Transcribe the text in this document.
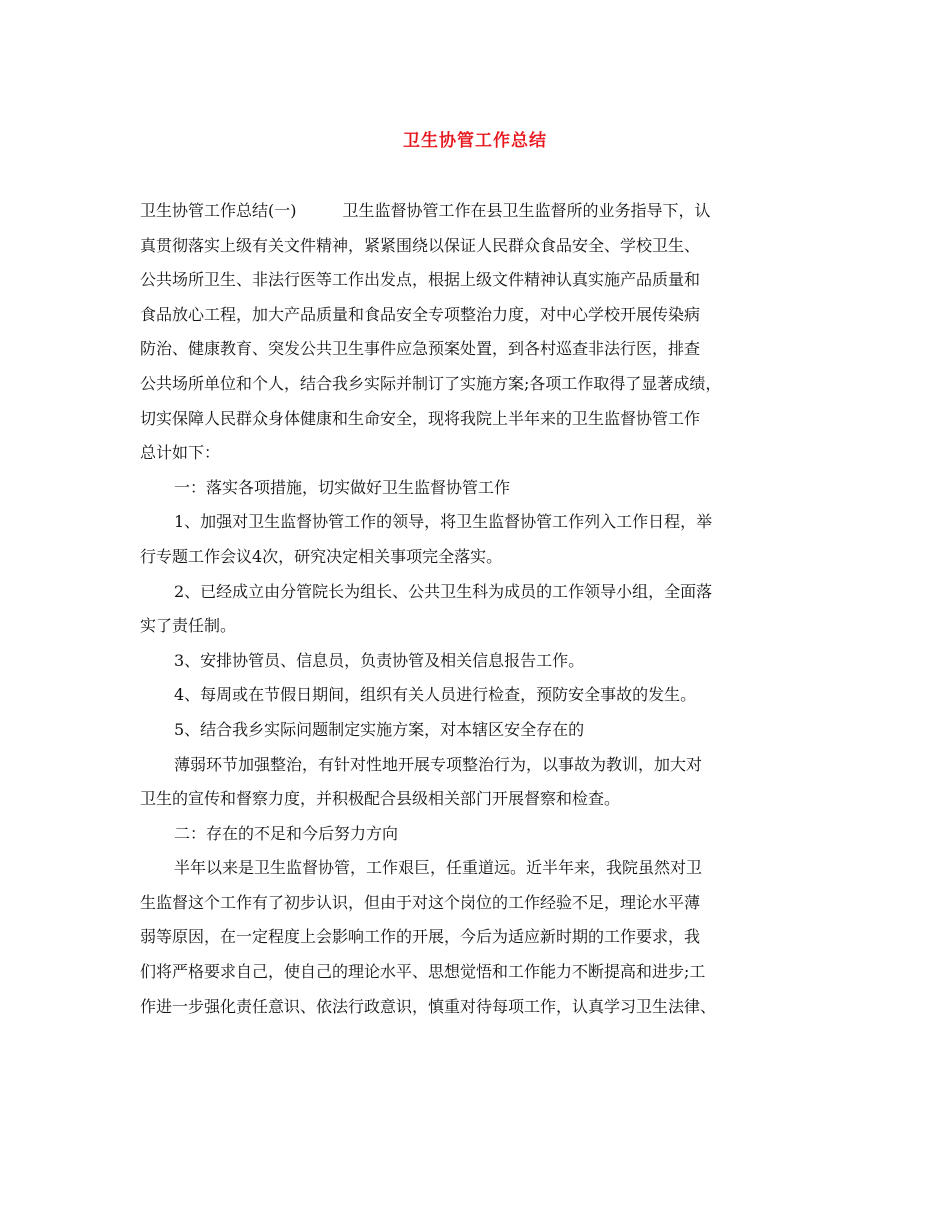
卫生协管工作总结
卫生协管工作总结(一)	卫生监督协管工作在县卫生监督所的业务指导下，认
真贯彻落实上级有关文件精神，紧紧围绕以保证人民群众食品安全、学校卫生、
公共场所卫生、非法行医等工作出发点，根据上级文件精神认真实施产品质量和
食品放心工程，加大产品质量和食品安全专项整治力度，对中心学校开展传染病
防治、健康教育、突发公共卫生事件应急预案处置，到各村巡查非法行医，排查
公共场所单位和个人，结合我乡实际并制订了实施方案;各项工作取得了显著成绩，
切实保障人民群众身体健康和生命安全，现将我院上半年来的卫生监督协管工作
总计如下：
一：落实各项措施，切实做好卫生监督协管工作
1、加强对卫生监督协管工作的领导，将卫生监督协管工作列入工作日程，举
行专题工作会议4次，研究决定相关事项完全落实。
2、已经成立由分管院长为组长、公共卫生科为成员的工作领导小组，全面落
实了责任制。
3、安排协管员、信息员，负责协管及相关信息报告工作。
4、每周或在节假日期间，组织有关人员进行检查，预防安全事故的发生。
5、结合我乡实际问题制定实施方案，对本辖区安全存在的
薄弱环节加强整治，有针对性地开展专项整治行为，以事故为教训，加大对
卫生的宣传和督察力度，并积极配合县级相关部门开展督察和检查。
二：存在的不足和今后努力方向
半年以来是卫生监督协管，工作艰巨，任重道远。近半年来，我院虽然对卫
生监督这个工作有了初步认识，但由于对这个岗位的工作经验不足，理论水平薄
弱等原因，在一定程度上会影响工作的开展，今后为适应新时期的工作要求，我
们将严格要求自己，使自己的理论水平、思想觉悟和工作能力不断提高和进步;工
作进一步强化责任意识、依法行政意识，慎重对待每项工作，认真学习卫生法律、
